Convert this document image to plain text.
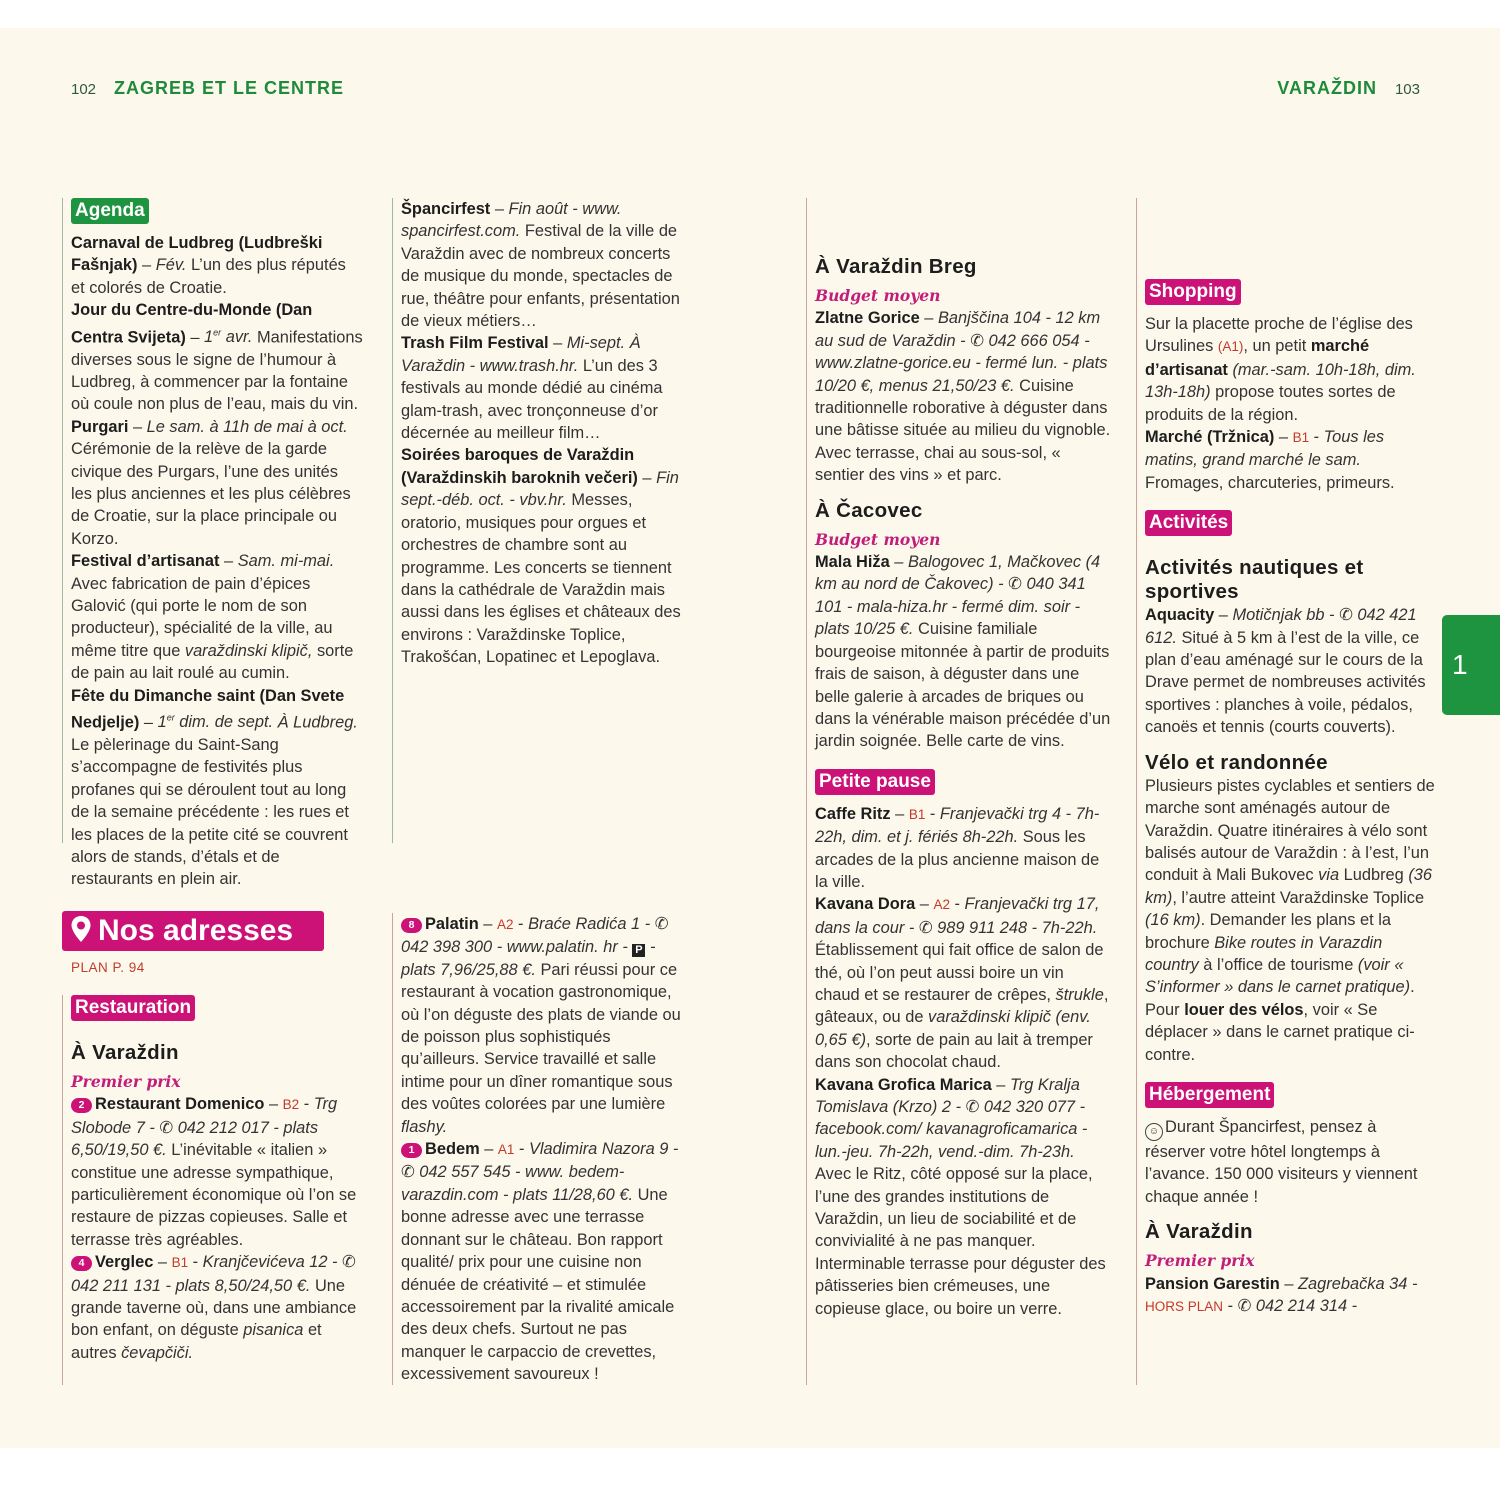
102 ZAGREB ET LE CENTRE	VARAŽDIN 103
Agenda

Carnaval de Ludbreg (Ludbreški Fašnjak) – Fév. L’un des plus réputés et colorés de Croatie.

Jour du Centre-du-Monde (Dan Centra Svijeta) – 1er avr. Manifestations diverses sous le signe de l’humour à Ludbreg, à commencer par la fontaine où coule non plus de l’eau, mais du vin.

Purgari – Le sam. à 11h de mai à oct. Cérémonie de la relève de la garde civique des Purgars, l’une des unités les plus anciennes et les plus célèbres de Croatie, sur la place principale ou Korzo.

Festival d’artisanat – Sam. mi-mai. Avec fabrication de pain d’épices Galović (qui porte le nom de son producteur), spécialité de la ville, au même titre que varaždinski klipič, sorte de pain au lait roulé au cumin.

Fête du Dimanche saint (Dan Svete Nedjelje) – 1er dim. de sept. À Ludbreg. Le pèlerinage du Saint-Sang s’accompagne de festivités plus profanes qui se déroulent tout au long de la semaine précédente : les rues et les places de la petite cité se couvrent alors de stands, d’étals et de restaurants en plein air.

Špancirfest – Fin août - www. spancirfest.com. Festival de la ville de Varaždin avec de nombreux concerts de musique du monde, spectacles de rue, théâtre pour enfants, présentation de vieux métiers…

Trash Film Festival – Mi-sept. À Varaždin - www.trash.hr. L’un des 3 festivals au monde dédié au cinéma glam-trash, avec tronçonneuse d’or décernée au meilleur film…

Soirées baroques de Varaždin (Varaždinskih baroknih večeri) – Fin sept.-déb. oct. - vbv.hr. Messes, oratorio, musiques pour orgues et orchestres de chambre sont au programme. Les concerts se tiennent dans la cathédrale de Varaždin mais aussi dans les églises et châteaux des environs : Varaždinske Toplice, Trakošćan, Lopatinec et Lepoglava.

Nos adresses
PLAN P. 94
Restauration
À Varaždin
Premier prix

2 Restaurant Domenico – B2 - Trg Slobode 7 - ✆ 042 212 017 - plats 6,50/19,50 €. L’inévitable « italien » constitue une adresse sympathique, particulièrement économique où l’on se restaure de pizzas copieuses. Salle et terrasse très agréables.

4 Verglec – B1 - Kranjčevićeva 12 - ✆ 042 211 131 - plats 8,50/24,50 €. Une grande taverne où, dans une ambiance bon enfant, on déguste pisanica et autres čevapčiči.

8 Palatin – A2 - Braće Radića 1 - ✆ 042 398 300 - www.palatin. hr - P - plats 7,96/25,88 €. Pari réussi pour ce restaurant à vocation gastronomique, où l’on déguste des plats de viande ou de poisson plus sophistiqués qu’ailleurs. Service travaillé et salle intime pour un dîner romantique sous des voûtes colorées par une lumière flashy.

1 Bedem – A1 - Vladimira Nazora 9 - ✆ 042 557 545 - www. bedem-varazdin.com - plats 11/28,60 €. Une bonne adresse avec une terrasse donnant sur le château. Bon rapport qualité/ prix pour une cuisine non dénuée de créativité – et stimulée accessoirement par la rivalité amicale des deux chefs. Surtout ne pas manquer le carpaccio de crevettes, excessivement savoureux !

À Varaždin Breg
Budget moyen

Zlatne Gorice – Banjščina 104 - 12 km au sud de Varaždin - ✆ 042 666 054 - www.zlatne-gorice.eu - fermé lun. - plats 10/20 €, menus 21,50/23 €. Cuisine traditionnelle roborative à déguster dans une bâtisse située au milieu du vignoble. Avec terrasse, chai au sous-sol, « sentier des vins » et parc.

À Čacovec
Budget moyen

Mala Hiža – Balogovec 1, Mačkovec (4 km au nord de Čakovec) - ✆ 040 341 101 - mala-hiza.hr - fermé dim. soir - plats 10/25 €. Cuisine familiale bourgeoise mitonnée à partir de produits frais de saison, à déguster dans une belle galerie à arcades de briques ou dans la vénérable maison précédée d’un jardin soignée. Belle carte de vins.

Petite pause

Caffe Ritz – B1 - Franjevački trg 4 - 7h-22h, dim. et j. fériés 8h-22h. Sous les arcades de la plus ancienne maison de la ville.

Kavana Dora – A2 - Franjevački trg 17, dans la cour - ✆ 989 911 248 - 7h-22h. Établissement qui fait office de salon de thé, où l’on peut aussi boire un vin chaud et se restaurer de crêpes, štrukle, gâteaux, ou de varaždinski klipič (env. 0,65 €), sorte de pain au lait à tremper dans son chocolat chaud.

Kavana Grofica Marica – Trg Kralja Tomislava (Krzo) 2 - ✆ 042 320 077 - facebook.com/ kavanagroficamarica - lun.-jeu. 7h-22h, vend.-dim. 7h-23h. Avec le Ritz, côté opposé sur la place, l’une des grandes institutions de Varaždin, un lieu de sociabilité et de convivialité à ne pas manquer. Interminable terrasse pour déguster des pâtisseries bien crémeuses, une copieuse glace, ou boire un verre.

Shopping

Sur la placette proche de l’église des Ursulines (A1), un petit marché d’artisanat (mar.-sam. 10h-18h, dim. 13h-18h) propose toutes sortes de produits de la région.

Marché (Tržnica) – B1 - Tous les matins, grand marché le sam. Fromages, charcuteries, primeurs.

Activités
Activités nautiques et sportives

Aquacity – Motičnjak bb - ✆ 042 421 612. Situé à 5 km à l’est de la ville, ce plan d’eau aménagé sur le cours de la Drave permet de nombreuses activités sportives : planches à voile, pédalos, canoës et tennis (courts couverts).

Vélo et randonnée

Plusieurs pistes cyclables et sentiers de marche sont aménagés autour de Varaždin. Quatre itinéraires à vélo sont balisés autour de Varaždin : à l’est, l’un conduit à Mali Bukovec via Ludbreg (36 km), l’autre atteint Varaždinske Toplice (16 km). Demander les plans et la brochure Bike routes in Varazdin country à l’office de tourisme (voir « S’informer » dans le carnet pratique).

Pour louer des vélos, voir « Se déplacer » dans le carnet pratique ci-contre.

Hébergement

☺ Durant Špancirfest, pensez à réserver votre hôtel longtemps à l’avance. 150 000 visiteurs y viennent chaque année !

À Varaždin
Premier prix

Pansion Garestin – Zagrebačka 34 - HORS PLAN - ✆ 042 214 314 -

1
